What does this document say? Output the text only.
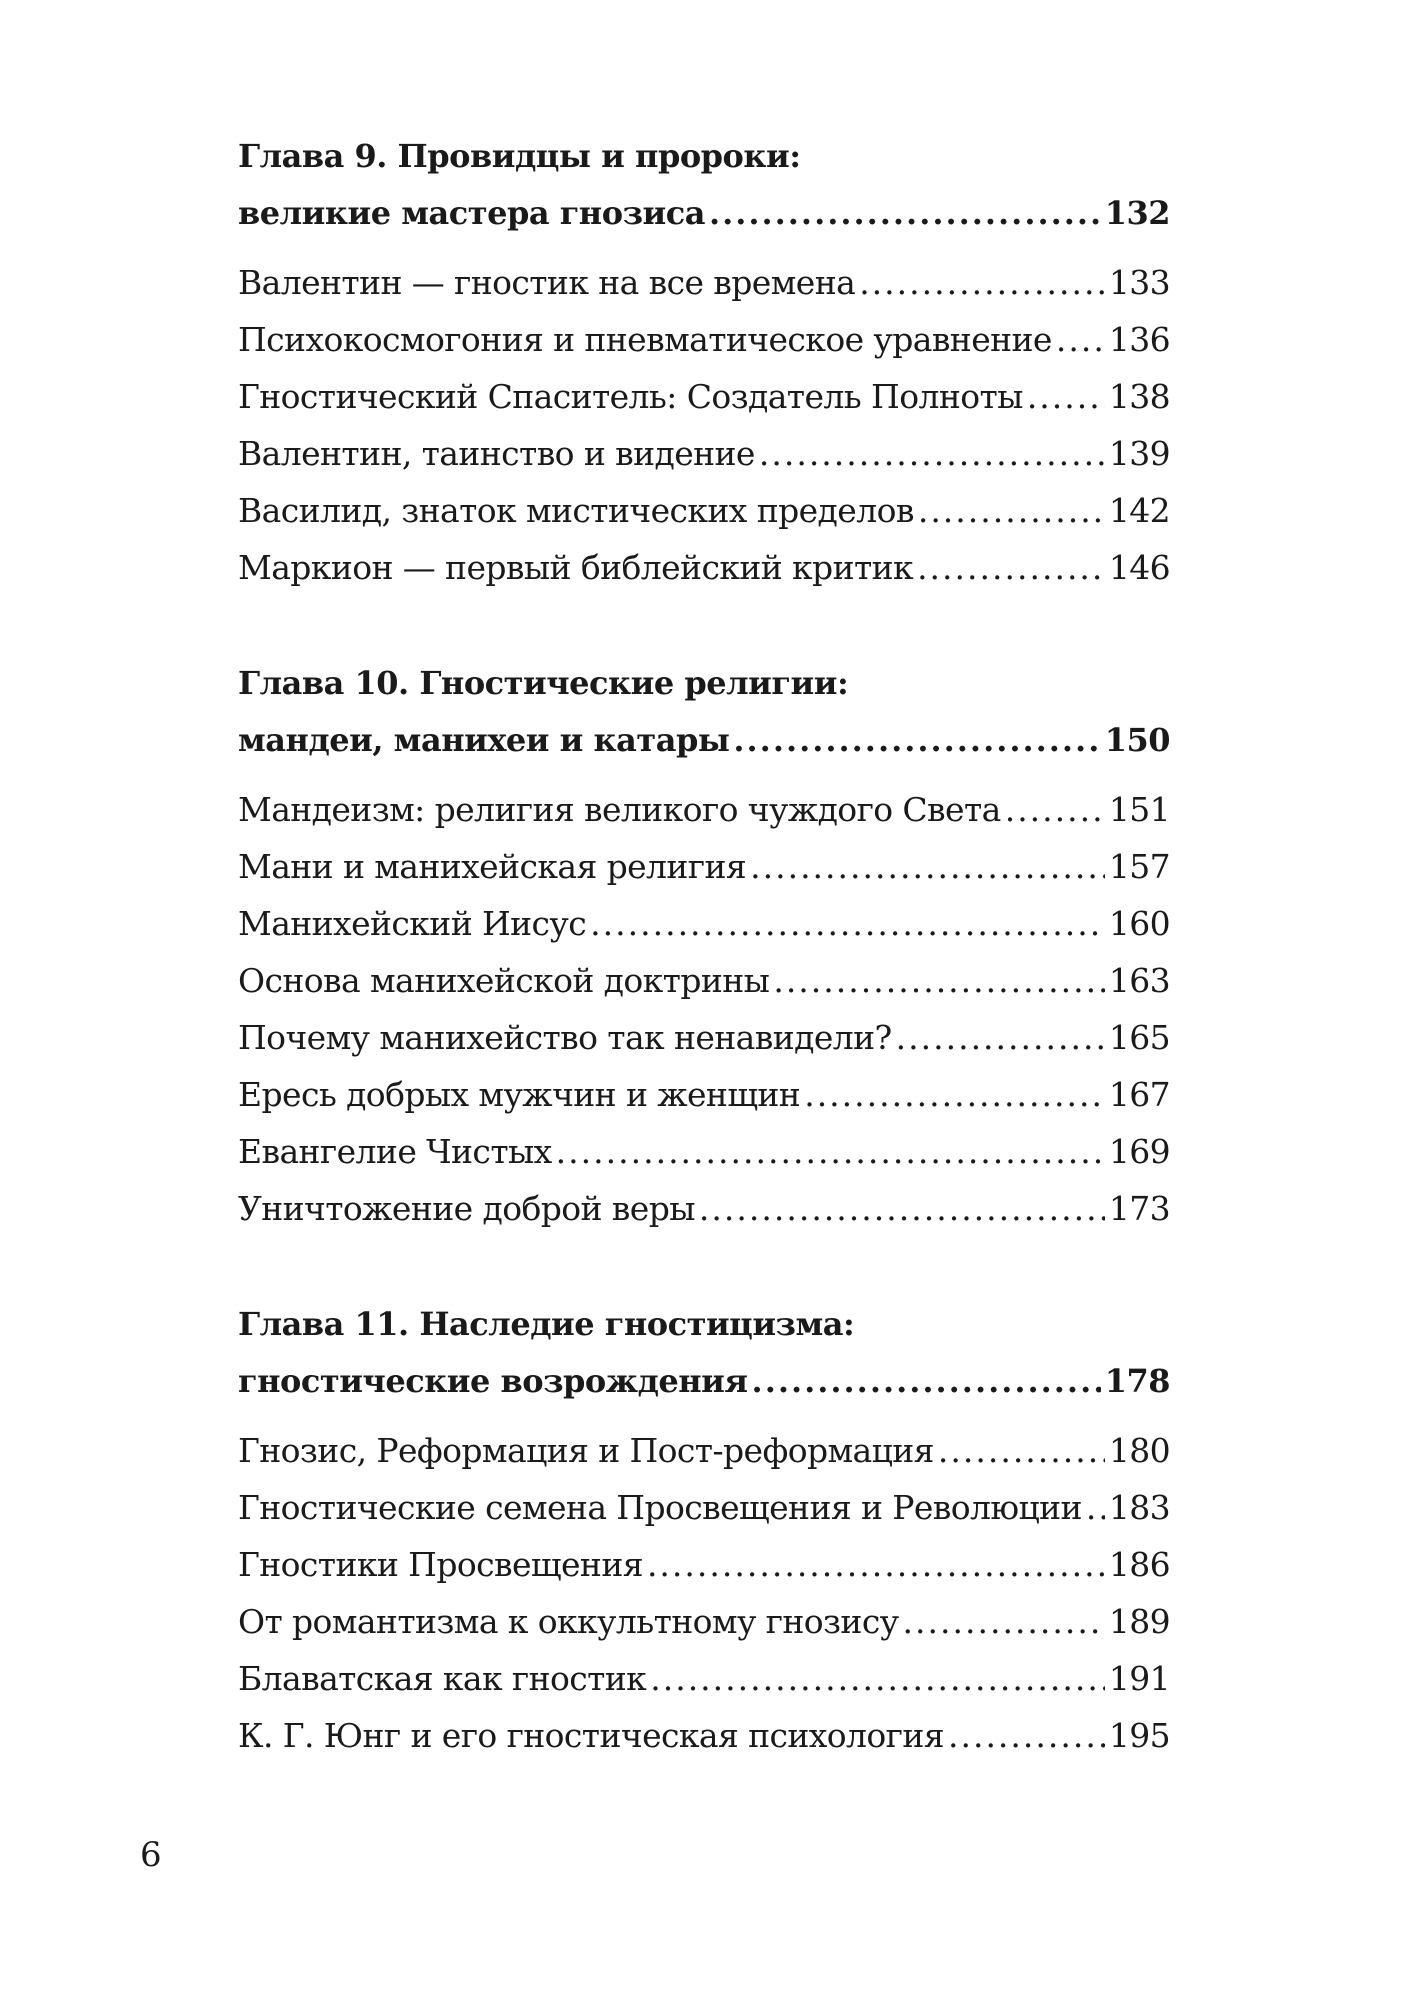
Глава 9. Провидцы и пророки:
великие мастера гнозиса .....	132
Валентин — гностик на все времена .....	133
Психокосмогония и пневматическое уравнение ..... 136
Гностический Спаситель: Создатель Полноты .....	138
Валентин, таинство и видение .....	139
Василид, знаток мистических пределов .....	142
Маркион — первый библейский критик .....	146
Глава 10. Гностические религии:
мандеи, манихеи и катары .....	150
Мандеизм: религия великого чуждого Света .....	151
Мани и манихейская религия .....	157
Манихейский Иисус .....	160
Основа манихейской доктрины .....	163
Почему манихейство так ненавидели? .....	165
Ересь добрых мужчин и женщин .....	167
Евангелие Чистых .....	169
Уничтожение доброй веры .....	173
Глава 11. Наследие гностицизма:
гностические возрождения .....	178
Гнозис, Реформация и Пост-реформация .....	180
Гностические семена Просвещения и Революции ..... 183
Гностики Просвещения .....	186
От романтизма к оккультному гнозису .....	189
Блаватская как гностик .....	191
К. Г. Юнг и его гностическая психология .....	195
6
